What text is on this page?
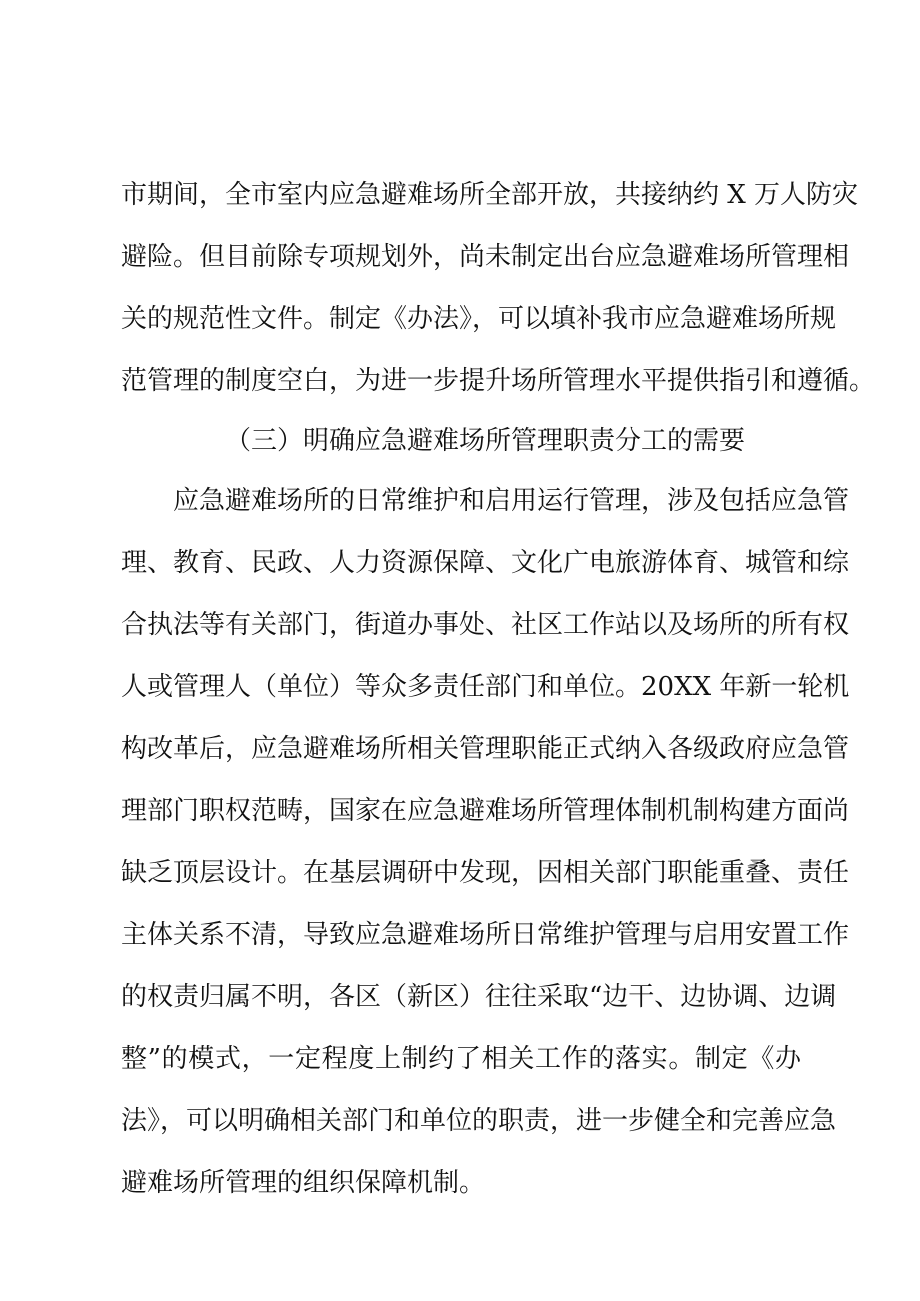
市期间，全市室内应急避难场所全部开放，共接纳约 X 万人防灾
避险。但目前除专项规划外，尚未制定出台应急避难场所管理相
关的规范性文件。制定《办法》，可以填补我市应急避难场所规
范管理的制度空白，为进一步提升场所管理水平提供指引和遵循。
（三）明确应急避难场所管理职责分工的需要
应急避难场所的日常维护和启用运行管理，涉及包括应急管
理、教育、民政、人力资源保障、文化广电旅游体育、城管和综
合执法等有关部门，街道办事处、社区工作站以及场所的所有权
人或管理人（单位）等众多责任部门和单位。20XX 年新一轮机
构改革后，应急避难场所相关管理职能正式纳入各级政府应急管
理部门职权范畴，国家在应急避难场所管理体制机制构建方面尚
缺乏顶层设计。在基层调研中发现，因相关部门职能重叠、责任
主体关系不清，导致应急避难场所日常维护管理与启用安置工作
的权责归属不明，各区（新区）往往采取“边干、边协调、边调
整”的模式，一定程度上制约了相关工作的落实。制定《办
法》，可以明确相关部门和单位的职责，进一步健全和完善应急
避难场所管理的组织保障机制。
